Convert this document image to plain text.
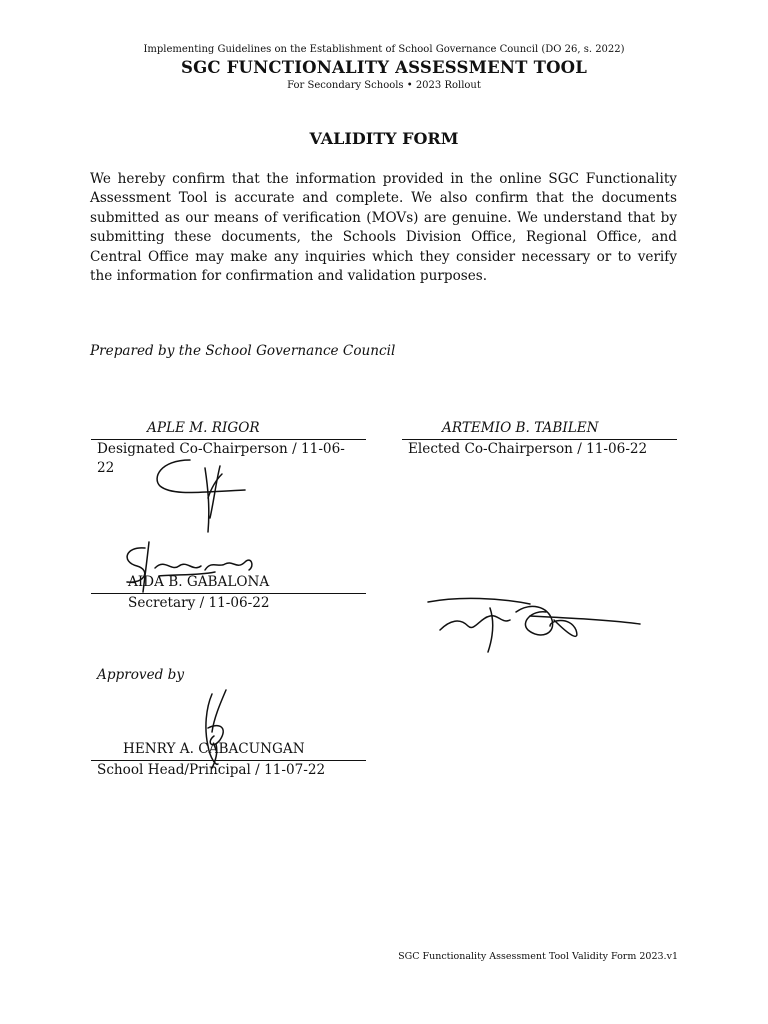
Implementing Guidelines on the Establishment of School Governance Council (DO 26, s. 2022)
SGC FUNCTIONALITY ASSESSMENT TOOL
For Secondary Schools • 2023 Rollout
VALIDITY FORM
We hereby confirm that the information provided in the online SGC Functionality Assessment Tool is accurate and complete. We also confirm that the documents submitted as our means of verification (MOVs) are genuine. We understand that by submitting these documents, the Schools Division Office, Regional Office, and Central Office may make any inquiries which they consider necessary or to verify the information for confirmation and validation purposes.
Prepared by the School Governance Council
APLE M. RIGOR
Designated Co-Chairperson / 11-06-22
ARTEMIO B. TABILEN
Elected Co-Chairperson / 11-06-22
AIDA B. GABALONA
Secretary / 11-06-22
Approved by
HENRY A. CABACUNGAN
School Head/Principal / 11-07-22
SGC Functionality Assessment Tool Validity Form 2023.v1
